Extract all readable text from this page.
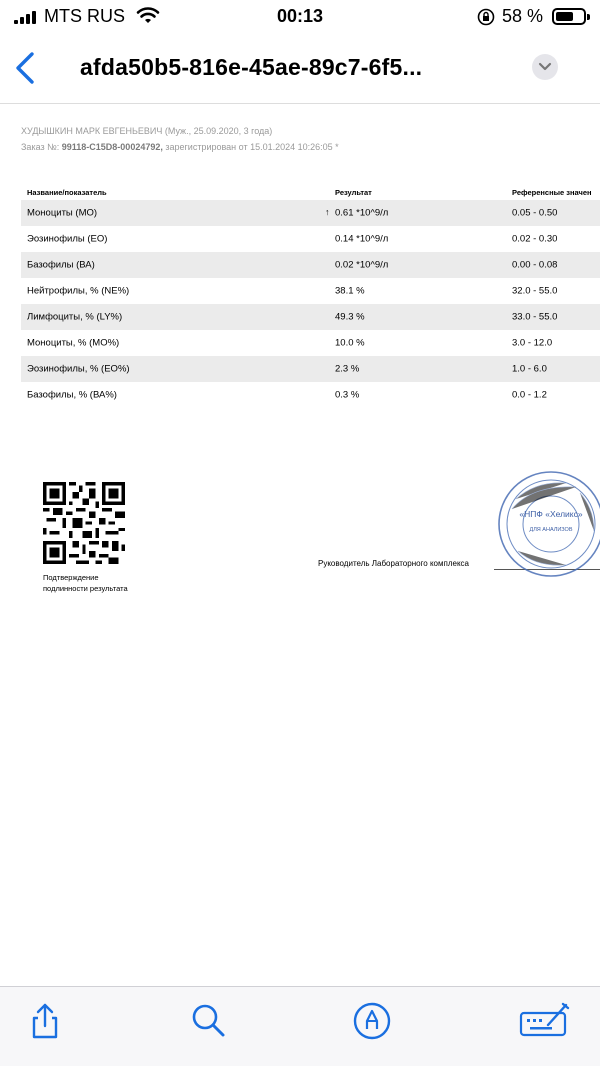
MTS RUS	00:13	58 %
afda50b5-816e-45ae-89c7-6f5...
ХУДЫШКИН МАРК ЕВГЕНЬЕВИЧ (Муж., 25.09.2020, 3 года)
Заказ №: 99118-C15D8-00024792, зарегистрирован от 15.01.2024 10:26:05 *
Название/показатель	Результат	Референсные значен
Моноциты (МО)	↑ 0.61 *10^9/л	0.05 - 0.50
Эозинофилы (ЕО)	0.14 *10^9/л	0.02 - 0.30
Базофилы (ВА)	0.02 *10^9/л	0.00 - 0.08
Нейтрофилы, % (NE%)	38.1 %	32.0 - 55.0
Лимфоциты, % (LY%)	49.3 %	33.0 - 55.0
Моноциты, % (МО%)	10.0 %	3.0 - 12.0
Эозинофилы, % (ЕО%)	2.3 %	1.0 - 6.0
Базофилы, % (ВА%)	0.3 %	0.0 - 1.2
Подтверждение
подлинности результата
Руководитель Лабораторного комплекса
«НПФ «Хеликс»
ДЛЯ АНАЛИЗОВ
